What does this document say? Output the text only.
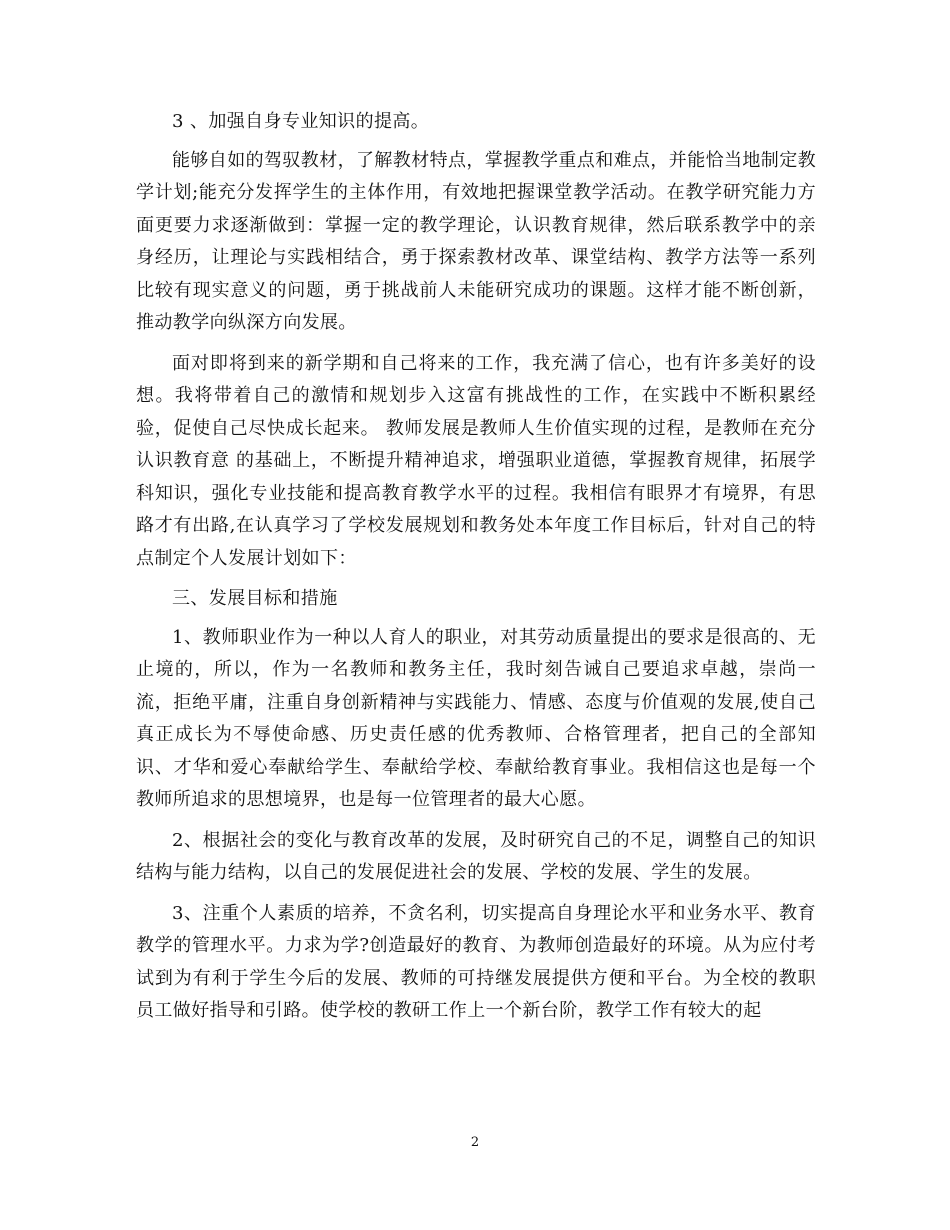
3 、加强自身专业知识的提高。

能够自如的驾驭教材，了解教材特点，掌握教学重点和难点，并能恰当地制定教学计划;能充分发挥学生的主体作用，有效地把握课堂教学活动。在教学研究能力方面更要力求逐渐做到：掌握一定的教学理论，认识教育规律，然后联系教学中的亲身经历，让理论与实践相结合，勇于探索教材改革、课堂结构、教学方法等一系列比较有现实意义的问题，勇于挑战前人未能研究成功的课题。这样才能不断创新，推动教学向纵深方向发展。

面对即将到来的新学期和自己将来的工作，我充满了信心，也有许多美好的设想。我将带着自己的激情和规划步入这富有挑战性的工作，在实践中不断积累经验，促使自己尽快成长起来。 教师发展是教师人生价值实现的过程，是教师在充分认识教育意 的基础上，不断提升精神追求，增强职业道德，掌握教育规律，拓展学科知识，强化专业技能和提高教育教学水平的过程。我相信有眼界才有境界，有思路才有出路,在认真学习了学校发展规划和教务处本年度工作目标后，针对自己的特点制定个人发展计划如下：

三、发展目标和措施

1、教师职业作为一种以人育人的职业，对其劳动质量提出的要求是很高的、无止境的，所以，作为一名教师和教务主任，我时刻告诫自己要追求卓越，崇尚一流，拒绝平庸，注重自身创新精神与实践能力、情感、态度与价值观的发展,使自己真正成长为不辱使命感、历史责任感的优秀教师、合格管理者，把自己的全部知识、才华和爱心奉献给学生、奉献给学校、奉献给教育事业。我相信这也是每一个教师所追求的思想境界，也是每一位管理者的最大心愿。

2、根据社会的变化与教育改革的发展，及时研究自己的不足，调整自己的知识结构与能力结构，以自己的发展促进社会的发展、学校的发展、学生的发展。

3、注重个人素质的培养，不贪名利，切实提高自身理论水平和业务水平、教育教学的管理水平。力求为学?创造最好的教育、为教师创造最好的环境。从为应付考试到为有利于学生今后的发展、教师的可持继发展提供方便和平台。为全校的教职员工做好指导和引路。使学校的教研工作上一个新台阶，教学工作有较大的起

2
